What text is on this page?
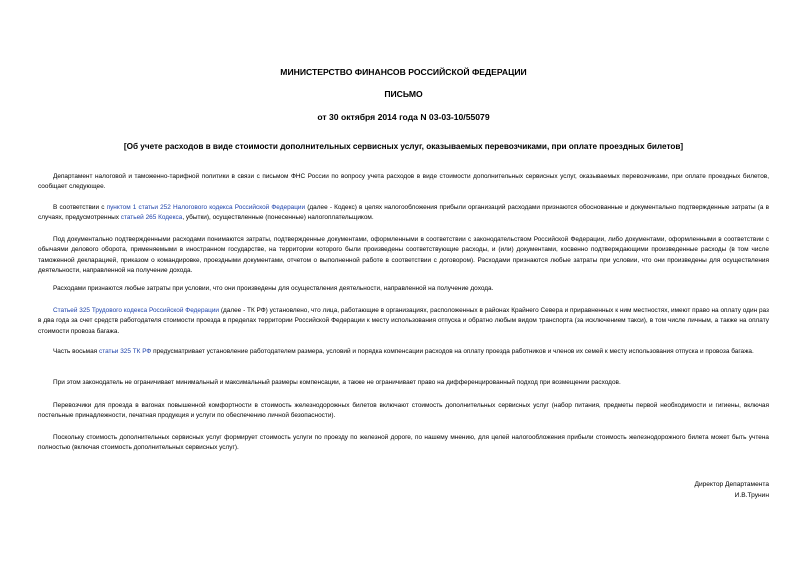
МИНИСТЕРСТВО ФИНАНСОВ РОССИЙСКОЙ ФЕДЕРАЦИИ
ПИСЬМО
от 30 октября 2014 года N 03-03-10/55079
[Об учете расходов в виде стоимости дополнительных сервисных услуг, оказываемых перевозчиками, при оплате проездных билетов]

Департамент налоговой и таможенно-тарифной политики в связи с письмом ФНС России по вопросу учета расходов в виде стоимости дополнительных сервисных услуг, оказываемых перевозчиками, при оплате проездных билетов, сообщает следующее.

В соответствии с пунктом 1 статьи 252 Налогового кодекса Российской Федерации (далее - Кодекс) в целях налогообложения прибыли организаций расходами признаются обоснованные и документально подтвержденные затраты (а в случаях, предусмотренных статьей 265 Кодекса, убытки), осуществленные (понесенные) налогоплательщиком.

Под документально подтвержденными расходами понимаются затраты, подтвержденные документами, оформленными в соответствии с законодательством Российской Федерации, либо документами, оформленными в соответствии с обычаями делового оборота, применяемыми в иностранном государстве, на территории которого были произведены соответствующие расходы, и (или) документами, косвенно подтверждающими произведенные расходы (в том числе таможенной декларацией, приказом о командировке, проездными документами, отчетом о выполненной работе в соответствии с договором). Расходами признаются любые затраты при условии, что они произведены для осуществления деятельности, направленной на получение дохода.

Расходами признаются любые затраты при условии, что они произведены для осуществления деятельности, направленной на получение дохода.

Статьей 325 Трудового кодекса Российской Федерации (далее - ТК РФ) установлено, что лица, работающие в организациях, расположенных в районах Крайнего Севера и приравненных к ним местностях, имеют право на оплату один раз в два года за счет средств работодателя стоимости проезда в пределах территории Российской Федерации к месту использования отпуска и обратно любым видом транспорта (за исключением такси), в том числе личным, а также на оплату стоимости провоза багажа.

Часть восьмая статьи 325 ТК РФ предусматривает установление работодателем размера, условий и порядка компенсации расходов на оплату проезда работников и членов их семей к месту использования отпуска и провоза багажа.

При этом законодатель не ограничивает минимальный и максимальный размеры компенсации, а также не ограничивает право на дифференцированный подход при возмещении расходов.

Перевозчики для проезда в вагонах повышенной комфортности в стоимость железнодорожных билетов включают стоимость дополнительных сервисных услуг (набор питания, предметы первой необходимости и гигиены, включая постельные принадлежности, печатная продукция и услуги по обеспечению личной безопасности).

Поскольку стоимость дополнительных сервисных услуг формирует стоимость услуги по проезду по железной дороге, по нашему мнению, для целей налогообложения прибыли стоимость железнодорожного билета может быть учтена полностью (включая стоимость дополнительных сервисных услуг).

Директор Департамента
И.В.Трунин
